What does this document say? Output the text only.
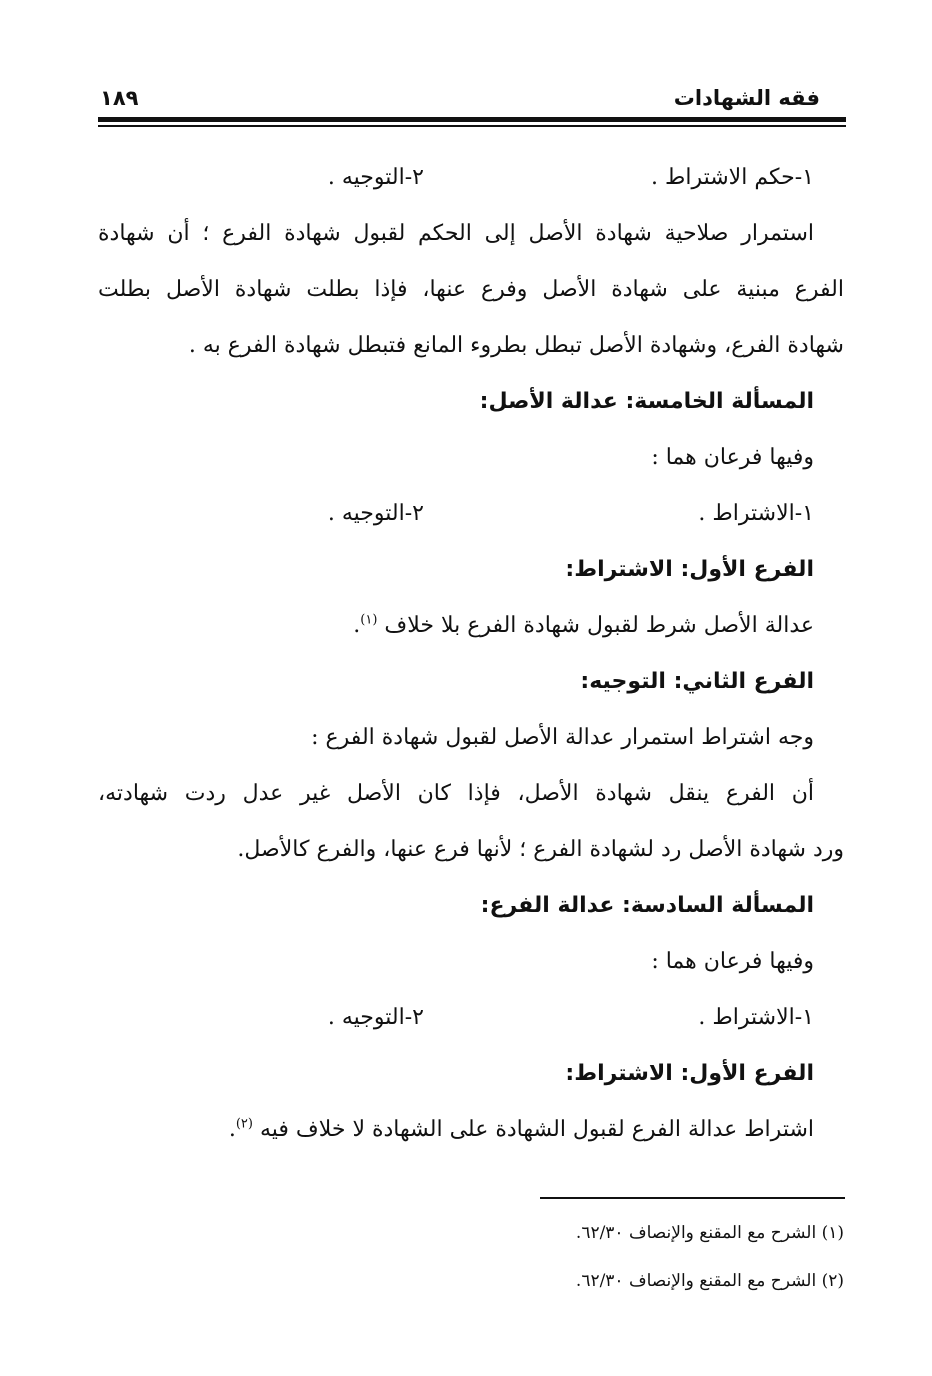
فقه الشهادات
١٨٩
١-حكم الاشتراط .
٢-التوجيه .
استمرار صلاحية شهادة الأصل إلى الحكم لقبول شهادة الفرع ؛ أن شهادة
الفرع مبنية على شهادة الأصل وفرع عنها، فإذا بطلت شهادة الأصل بطلت
شهادة الفرع، وشهادة الأصل تبطل بطروء المانع فتبطل شهادة الفرع به .
المسألة الخامسة: عدالة الأصل:
وفيها فرعان هما :
١-الاشتراط .
٢-التوجيه .
الفرع الأول: الاشتراط:
عدالة الأصل شرط لقبول شهادة الفرع بلا خلاف $^{(١)}$.
الفرع الثاني: التوجيه:
وجه اشتراط استمرار عدالة الأصل لقبول شهادة الفرع :
أن الفرع ينقل شهادة الأصل، فإذا كان الأصل غير عدل ردت شهادته،
ورد شهادة الأصل رد لشهادة الفرع ؛ لأنها فرع عنها، والفرع كالأصل.
المسألة السادسة: عدالة الفرع:
وفيها فرعان هما :
١-الاشتراط .
٢-التوجيه .
الفرع الأول: الاشتراط:
اشتراط عدالة الفرع لقبول الشهادة على الشهادة لا خلاف فيه $^{(٢)}$.
(١) الشرح مع المقنع والإنصاف ٦٢/٣٠.
(٢) الشرح مع المقنع والإنصاف ٦٢/٣٠.
